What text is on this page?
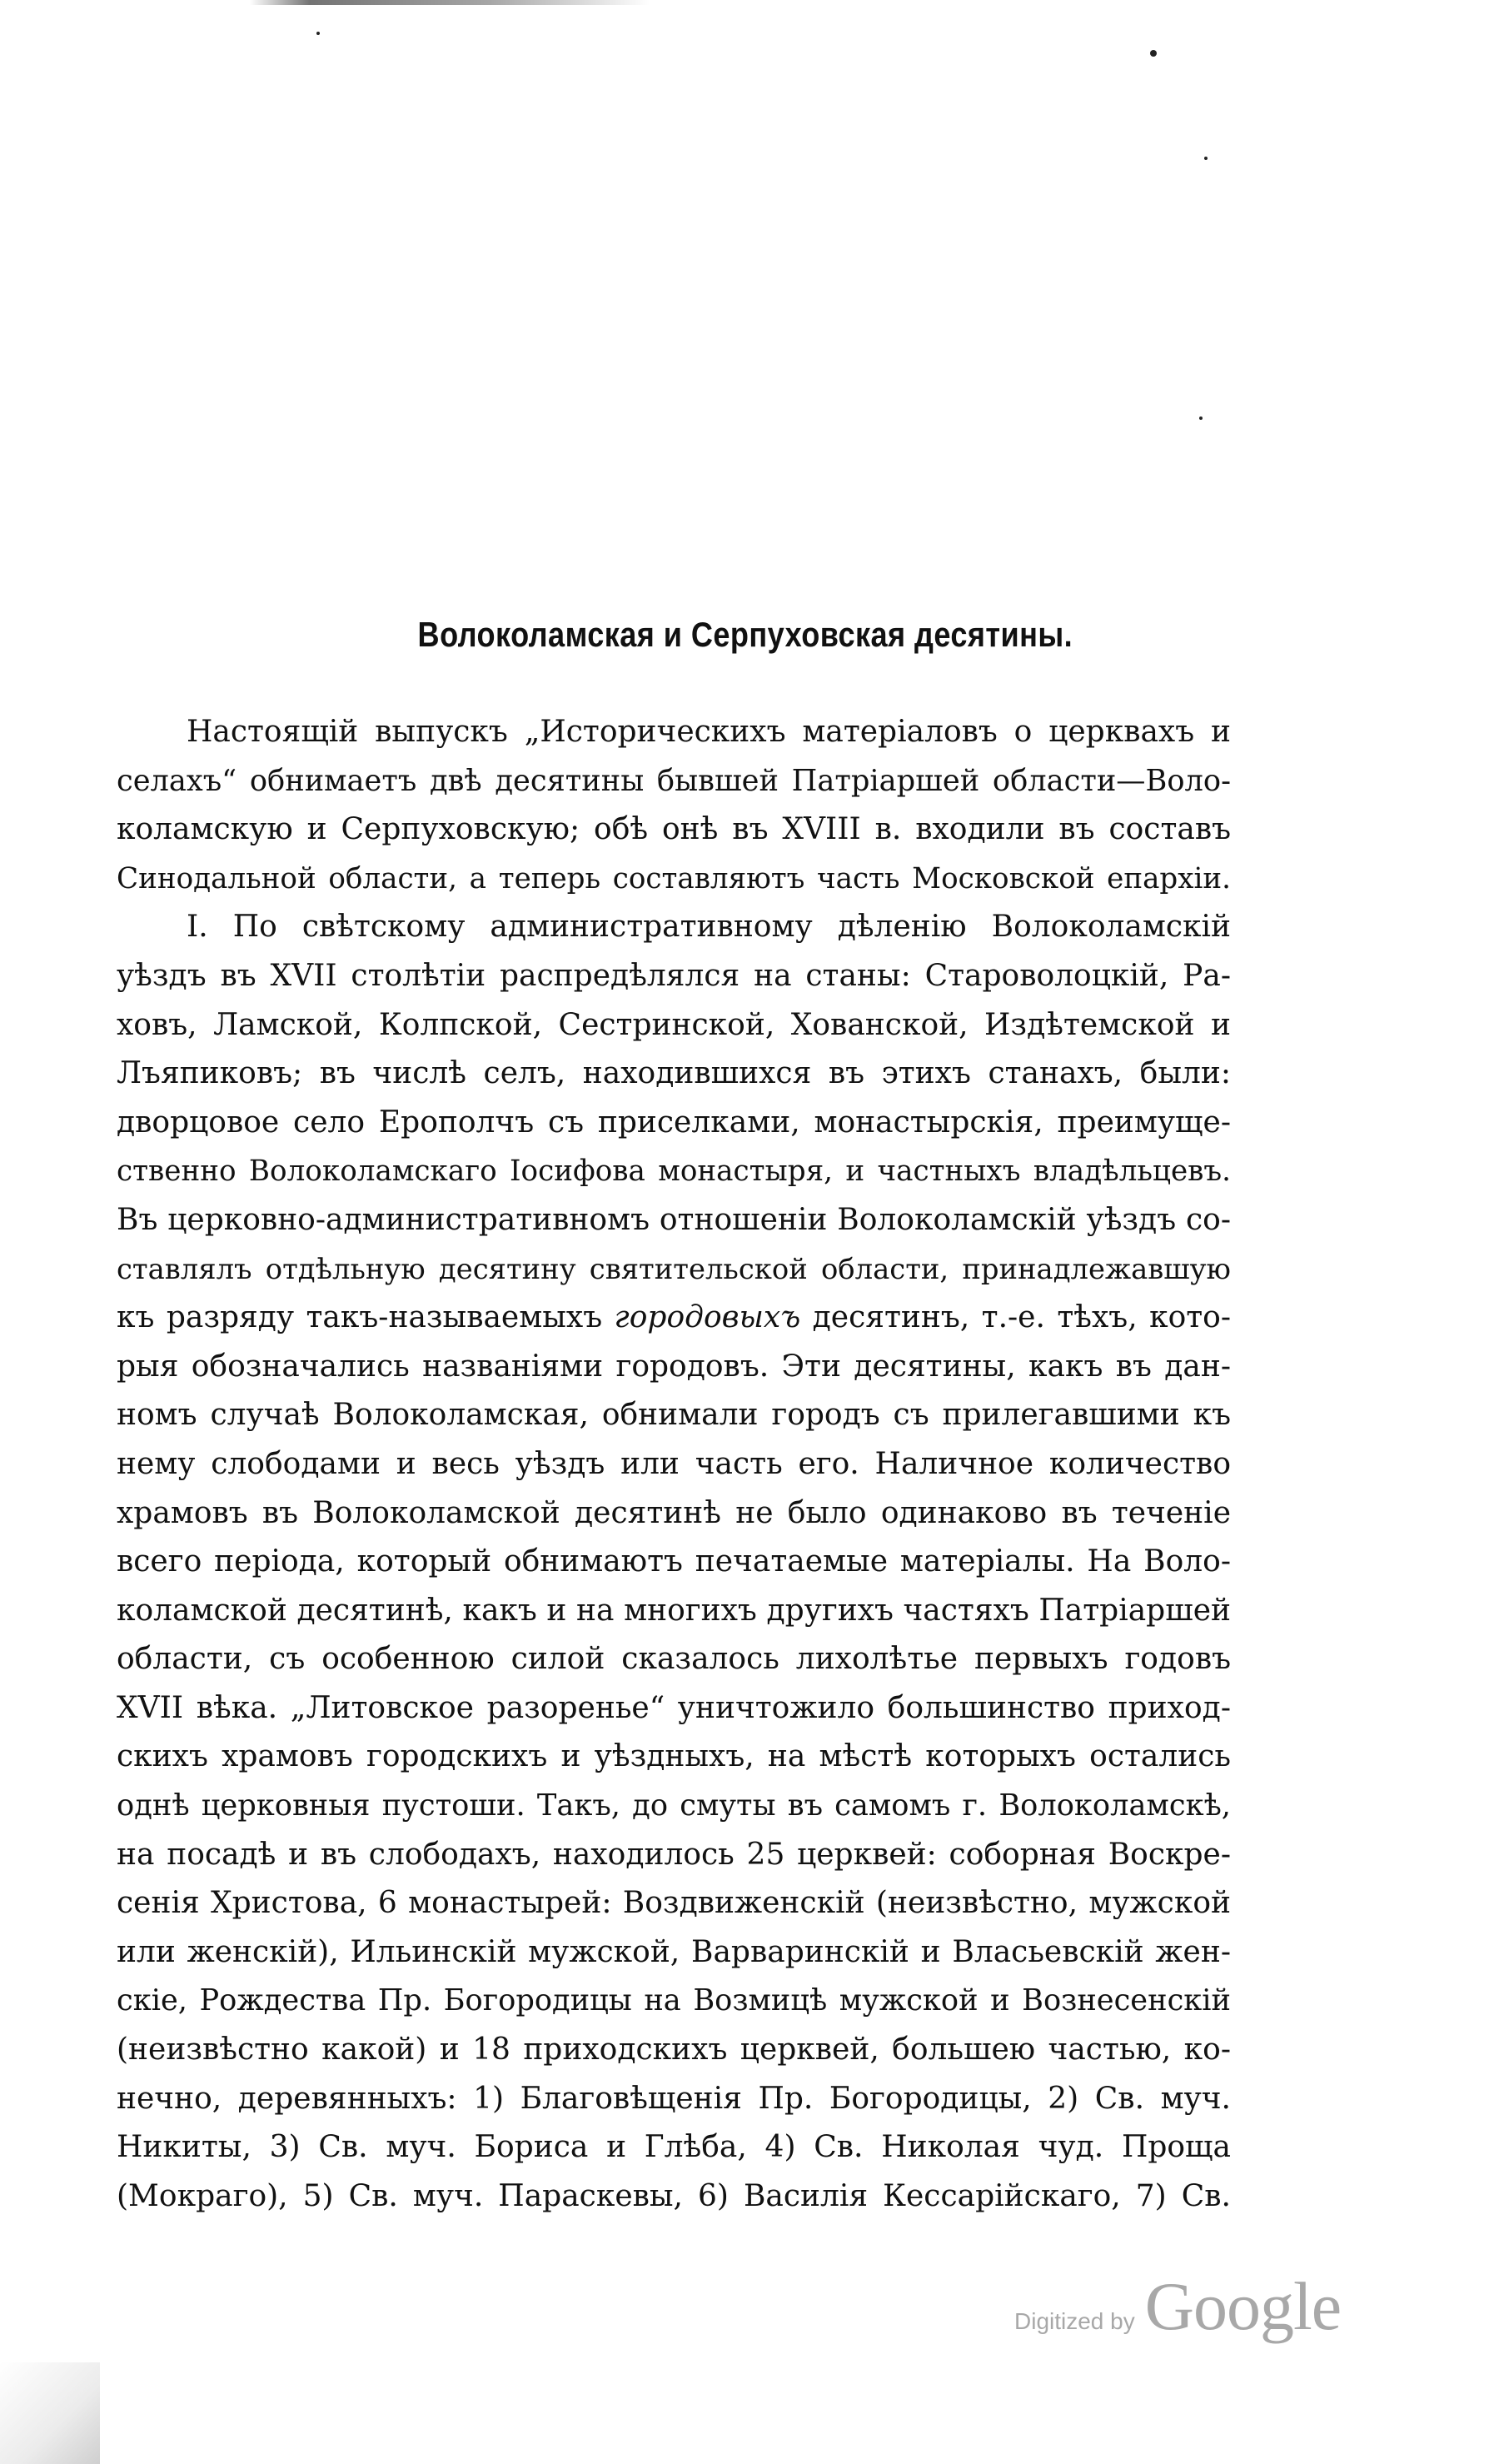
Волоколамская и Серпуховская десятины.
Настоящій выпускъ „Историческихъ матеріаловъ о церквахъ и
селахъ“ обнимаетъ двѣ десятины бывшей Патріаршей области—Воло-
коламскую и Серпуховскую; обѣ онѣ въ XVIII в. входили въ составъ
Синодальной области, а теперь составляютъ часть Московской епархіи.
I. По свѣтскому административному дѣленію Волоколамскій
уѣздъ въ XVII столѣтіи распредѣлялся на станы: Староволоцкій, Ра-
ховъ, Ламской, Колпской, Сестринской, Хованской, Издѣтемской и
Лъяпиковъ; въ числѣ селъ, находившихся въ этихъ станахъ, были:
дворцовое село Ерополчъ съ приселками, монастырскія, преимуще-
ственно Волоколамскаго Іосифова монастыря, и частныхъ владѣльцевъ.
Въ церковно-административномъ отношеніи Волоколамскій уѣздъ со-
ставлялъ отдѣльную десятину святительской области, принадлежавшую
къ разряду такъ-называемыхъ городовыхъ десятинъ, т.-е. тѣхъ, кото-
рыя обозначались названіями городовъ. Эти десятины, какъ въ дан-
номъ случаѣ Волоколамская, обнимали городъ съ прилегавшими къ
нему слободами и весь уѣздъ или часть его. Наличное количество
храмовъ въ Волоколамской десятинѣ не было одинаково въ теченіе
всего періода, который обнимаютъ печатаемые матеріалы. На Воло-
коламской десятинѣ, какъ и на многихъ другихъ частяхъ Патріаршей
области, съ особенною силой сказалось лихолѣтье первыхъ годовъ
XVII вѣка. „Литовское разоренье“ уничтожило большинство приход-
скихъ храмовъ городскихъ и уѣздныхъ, на мѣстѣ которыхъ остались
однѣ церковныя пустоши. Такъ, до смуты въ самомъ г. Волоколамскѣ,
на посадѣ и въ слободахъ, находилось 25 церквей: соборная Воскре-
сенія Христова, 6 монастырей: Воздвиженскій (неизвѣстно, мужской
или женскій), Ильинскій мужской, Варваринскій и Власьевскій жен-
скіе, Рождества Пр. Богородицы на Возмицѣ мужской и Вознесенскій
(неизвѣстно какой) и 18 приходскихъ церквей, большею частью, ко-
нечно, деревянныхъ: 1) Благовѣщенія Пр. Богородицы, 2) Св. муч.
Никиты, 3) Св. муч. Бориса и Глѣба, 4) Св. Николая чуд. Проща
(Мокраго), 5) Св. муч. Параскевы, 6) Василія Кессарійскаго, 7) Св.
Digitized by Google
